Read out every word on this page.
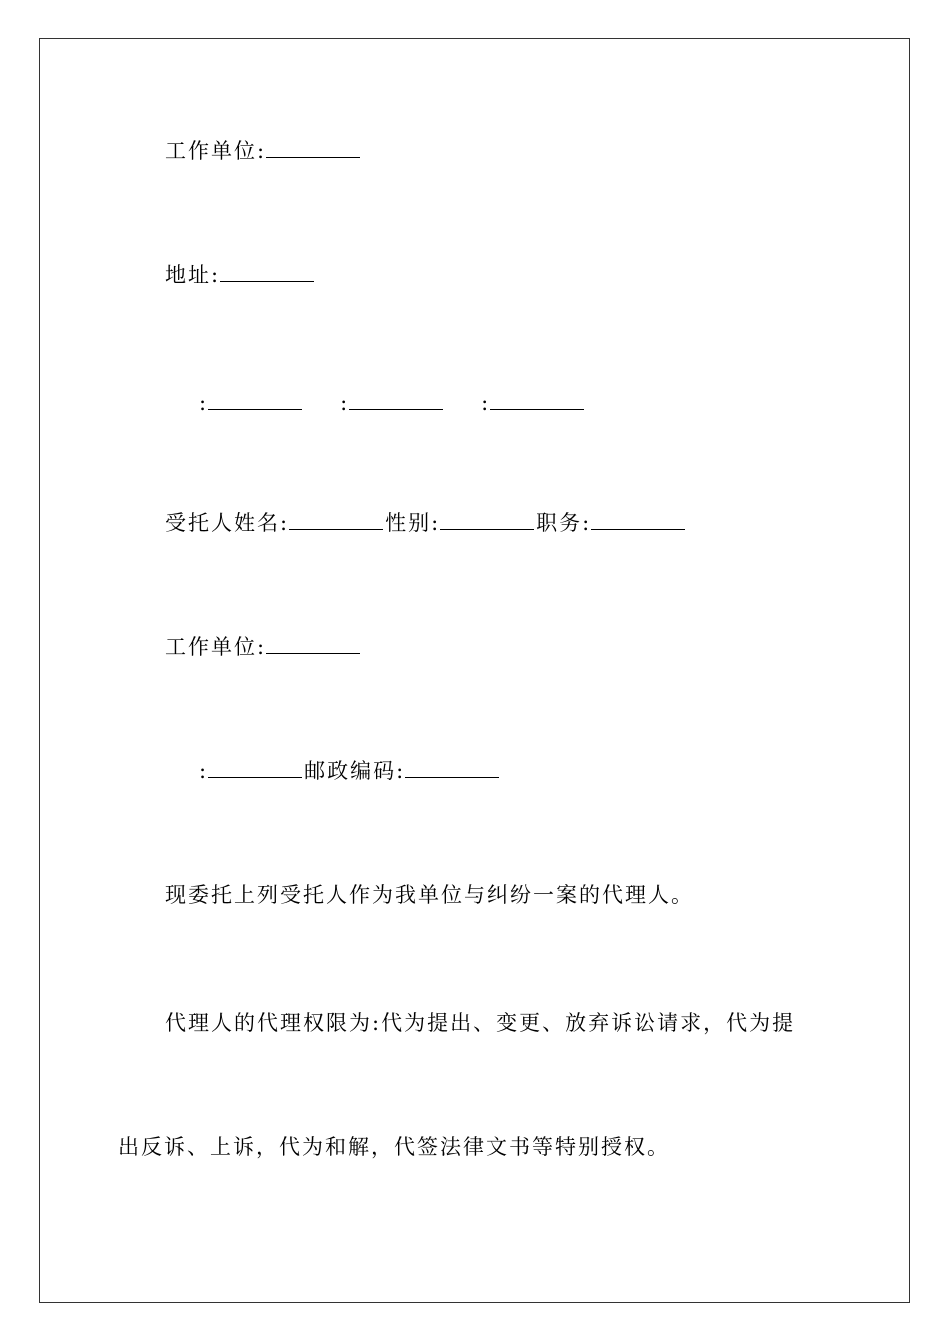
工作单位:
地址:
:	:	:
受托人姓名:	性别:	职务:
工作单位:
:	邮政编码:
现委托上列受托人作为我单位与纠纷一案的代理人。
代理人的代理权限为:代为提出、变更、放弃诉讼请求，代为提
出反诉、上诉，代为和解，代签法律文书等特别授权。
